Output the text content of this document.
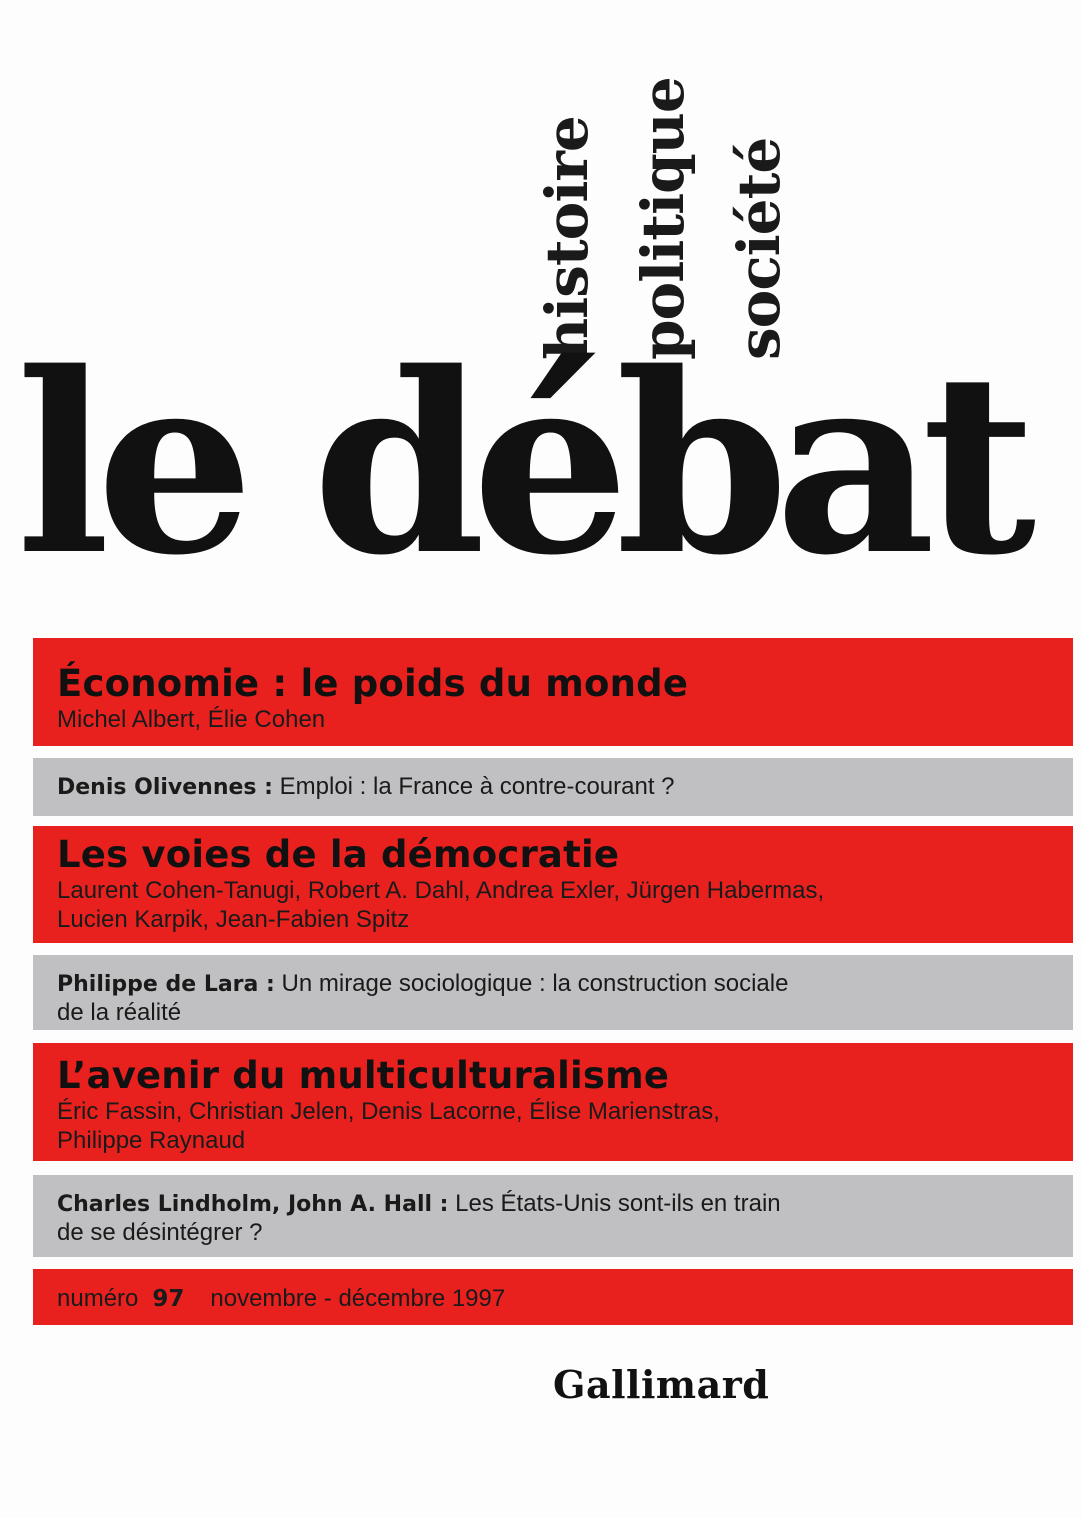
histoire politique société
le débat
Économie : le poids du monde
Michel Albert, Élie Cohen
Denis Olivennes : Emploi : la France à contre-courant ?
Les voies de la démocratie
Laurent Cohen-Tanugi, Robert A. Dahl, Andrea Exler, Jürgen Habermas,
Lucien Karpik, Jean-Fabien Spitz
Philippe de Lara : Un mirage sociologique : la construction sociale
de la réalité
L’avenir du multiculturalisme
Éric Fassin, Christian Jelen, Denis Lacorne, Élise Marienstras,
Philippe Raynaud
Charles Lindholm, John A. Hall : Les États-Unis sont-ils en train
de se désintégrer ?
numéro 97 novembre - décembre 1997
Gallimard
